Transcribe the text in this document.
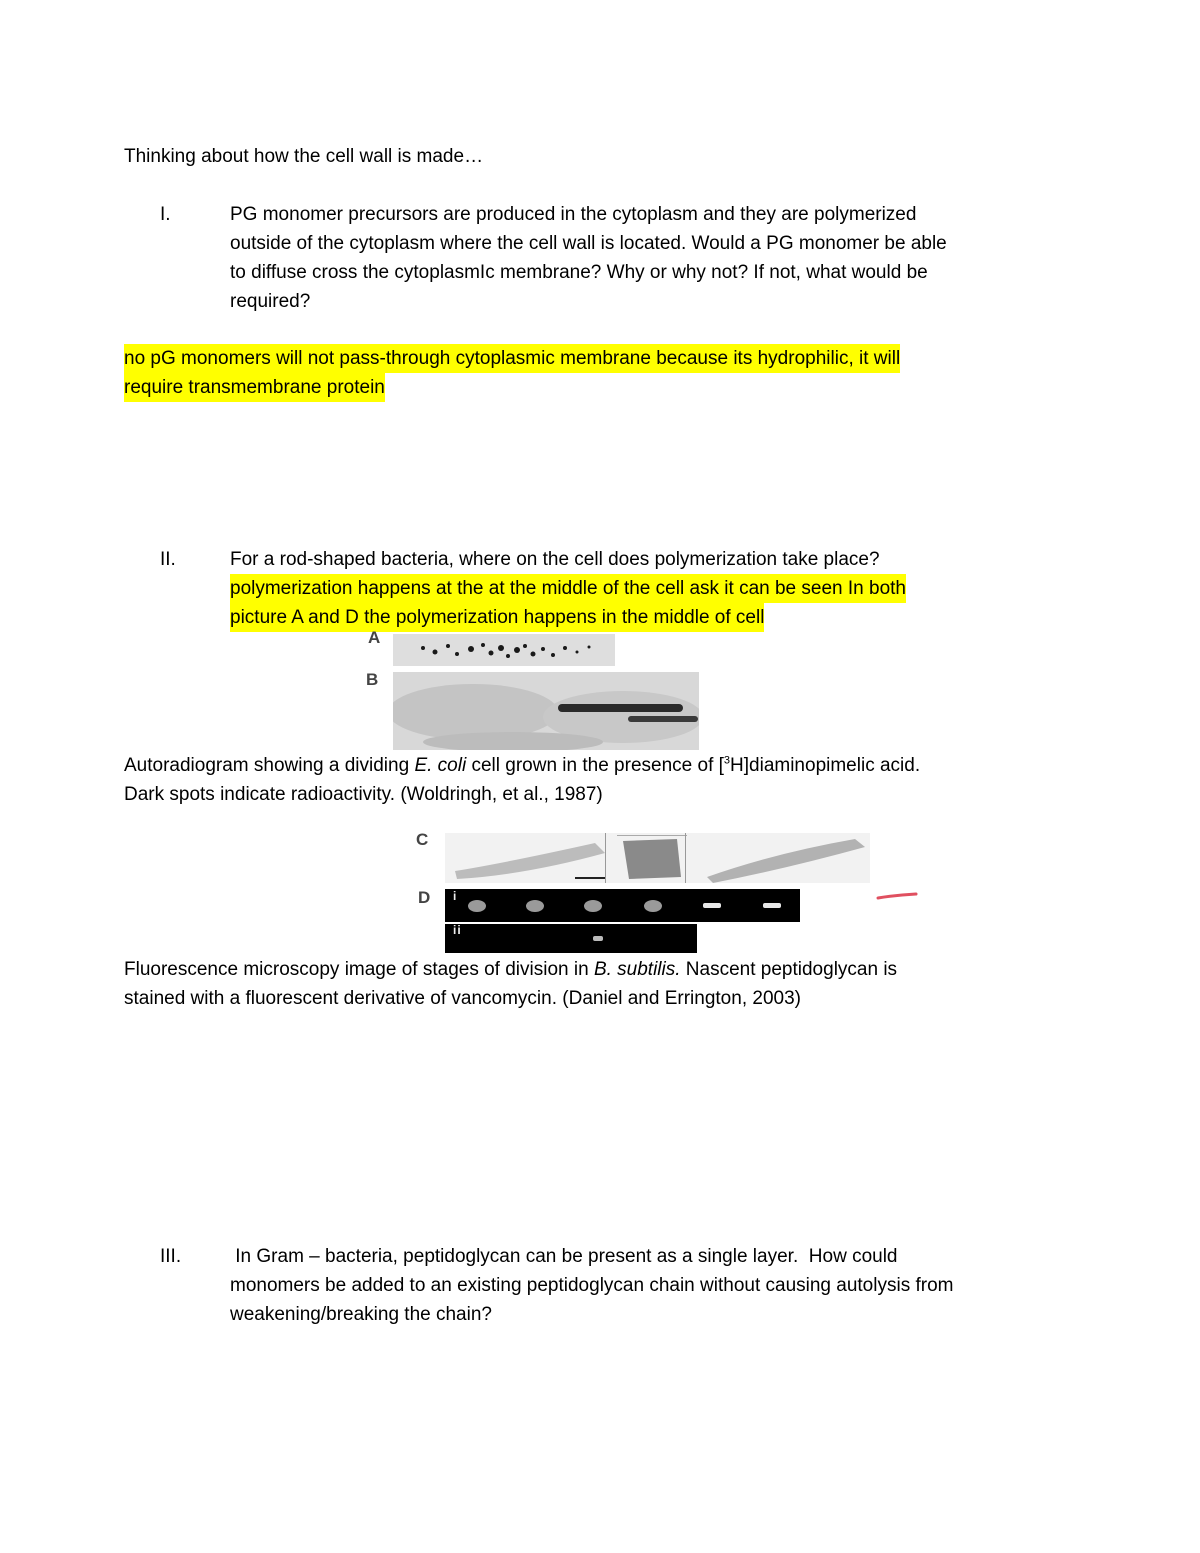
Thinking about how the cell wall is made…
I.	PG monomer precursors are produced in the cytoplasm and they are polymerized
outside of the cytoplasm where the cell wall is located. Would a PG monomer be able
to diffuse cross the cytoplasmIc membrane? Why or why not? If not, what would be
required?
no pG monomers will not pass-through cytoplasmic membrane because its hydrophilic, it will
require transmembrane protein
II.	For a rod-shaped bacteria, where on the cell does polymerization take place?
polymerization happens at the at the middle of the cell ask it can be seen In both
picture A and D the polymerization happens in the middle of cell
A
B
Autoradiogram showing a dividing E. coli cell grown in the presence of [$^3$H]diaminopimelic acid.
Dark spots indicate radioactivity. (Woldringh, et al., 1987)
C
D i
ii
Fluorescence microscopy image of stages of division in B. subtilis. Nascent peptidoglycan is
stained with a fluorescent derivative of vancomycin. (Daniel and Errington, 2003)
III.	In Gram – bacteria, peptidoglycan can be present as a single layer.  How could
monomers be added to an existing peptidoglycan chain without causing autolysis from
weakening/breaking the chain?
